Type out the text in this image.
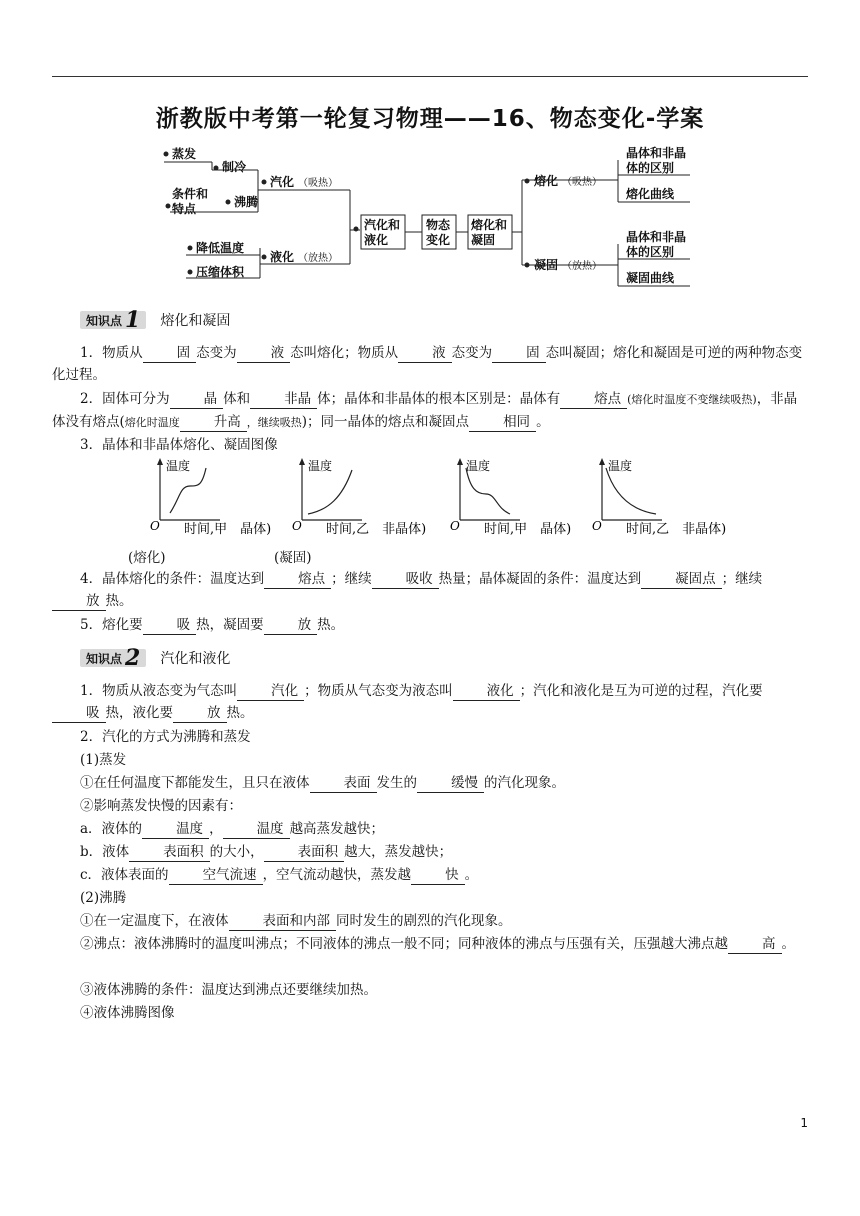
浙教版中考第一轮复习物理——16、物态变化-学案
蒸发
制冷
条件和
特点	沸腾
汽化 （吸热）
降低温度
压缩体积
液化 （放热）
汽化和
液化
物态
变化
熔化和
凝固
熔化 （吸热）
凝固 （放热）
晶体和非晶
体的区别
熔化曲线
晶体和非晶
体的区别
凝固曲线
知识点 1 熔化和凝固
1．物质从	固 态变为	液 态叫熔化；物质从	液 态变为	固 态叫凝固；熔化和凝固是可逆的两种物态变化过程。
2．固体可分为	晶 体和	非晶 体；晶体和非晶体的根本区别是：晶体有	熔点 (熔化时温度不变继续吸热)，非晶体没有熔点(熔化时温度	升高 ，继续吸热)；同一晶体的熔点和凝固点	相同 。
3．晶体和非晶体熔化、凝固图像
温度	温度	温度	温度
O	O	O	O
时间,甲　晶体)	时间,乙　非晶体)	时间,甲　晶体)	时间,乙　非晶体)
(熔化)	(凝固)
4．晶体熔化的条件：温度达到	熔点 ；继续	吸收 热量；晶体凝固的条件：温度达到	凝固点 ；继续放 热。
5．熔化要	吸 热，凝固要	放 热。
知识点 2 汽化和液化
1．物质从液态变为气态叫	汽化 ；物质从气态变为液态叫	液化 ；汽化和液化是互为可逆的过程，汽化要吸 热，液化要	放 热。
2．汽化的方式为沸腾和蒸发
(1)蒸发
①在任何温度下都能发生，且只在液体	表面 发生的	缓慢 的汽化现象。
②影响蒸发快慢的因素有：
a．液体的	温度 ，	温度 越高蒸发越快；
b．液体	表面积 的大小，	表面积 越大，蒸发越快；
c．液体表面的	空气流速 ，空气流动越快，蒸发越	快 。
(2)沸腾
①在一定温度下，在液体	表面和内部 同时发生的剧烈的汽化现象。
②沸点：液体沸腾时的温度叫沸点；不同液体的沸点一般不同；同种液体的沸点与压强有关，压强越大沸点越	高 。
③液体沸腾的条件：温度达到沸点还要继续加热。
④液体沸腾图像
1
